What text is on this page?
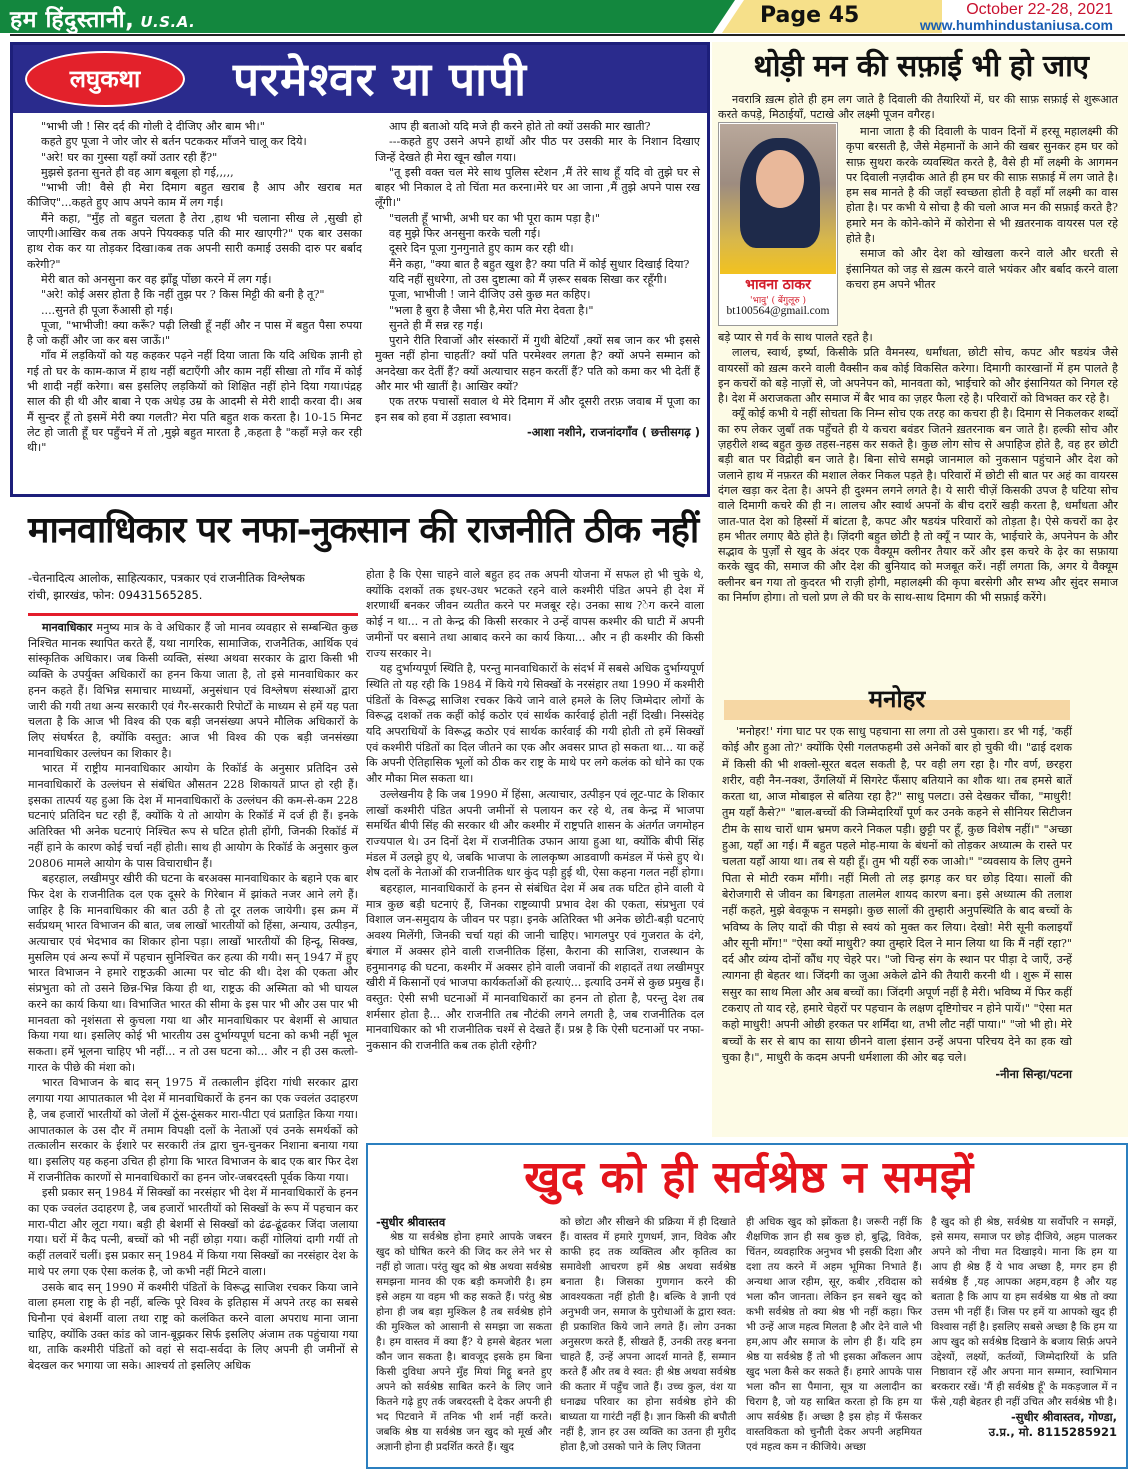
हम हिंदुस्तानी, U.S.A.	Page 45	October 22-28, 2021
www.humhindustaniusa.com
लघुकथा	परमेश्वर या पापी

"भाभी जी ! सिर दर्द की गोली दे दीजिए और बाम भी।"

कहते हुए पूजा ने जोर जोर से बर्तन पटककर माँजने चालू कर दिये।

"अरे! घर का गुस्सा यहाँ क्यों उतार रही हैं?"

मुझसे इतना सुनते ही वह आग बबूला हो गई,,,,,

"भाभी जी! वैसे ही मेरा दिमाग बहुत खराब है आप और खराब मत कीजिए"...कहते हुए आप अपने काम में लग गई।

मैंने कहा, "मुँह तो बहुत चलता है तेरा ,हाथ भी चलाना सीख ले ,सुखी हो जाएगी।आखिर कब तक अपने पियक्कड़ पति की मार खाएगी?" एक बार उसका हाथ रोक कर या तोड़कर दिखा।कब तक अपनी सारी कमाई उसकी दारु पर बर्बाद करेगी?"

मेरी बात को अनसुना कर वह झाँडू पोंछा करने में लग गई।

"अरे! कोई असर होता है कि नहीं तुझ पर ? किस मिट्टी की बनी है तू?"

....सुनते ही पूजा रुँआसी हो गई।

पूजा, "भाभीजी! क्या करूँ? पढ़ी लिखी हूँ नहीं और न पास में बहुत पैसा रुपया है जो कहीं और जा कर बस जाऊँ।"

गाँव में लड़कियों को यह कहकर पढ़ने नहीं दिया जाता कि यदि अधिक ज्ञानी हो गई तो घर के काम-काज में हाथ नहीं बटाएँगी और काम नहीं सीखा तो गाँव में कोई भी शादी नहीं करेगा। बस इसलिए लड़कियों को शिक्षित नहीं होने दिया गया।पंद्रह साल की ही थी और बाबा ने एक अधेड़ उम्र के आदमी से मेरी शादी करवा दी। अब मैं सुन्दर हूँ तो इसमें मेरी क्या गलती? मेरा पति बहुत शक करता है। 10-15 मिनट लेट हो जाती हूँ घर पहुँचने में तो ,मुझे बहुत मारता है ,कहता है "कहाँ मज़े कर रही थी।"

आप ही बताओ यदि मजे ही करने होते तो क्यों उसकी मार खाती?

---कहते हुए उसने अपने हाथों और पीठ पर उसकी मार के निशान दिखाए जिन्हें देखते ही मेरा खून खौल गया।

"तू इसी वक्त चल मेरे साथ पुलिस स्टेशन ,मैं तेरे साथ हूँ यदि वो तुझे घर से बाहर भी निकाल दे तो चिंता मत करना।मेरे घर आ जाना ,मैं तुझे अपने पास रख लूँगी।"

"चलती हूँ भाभी, अभी घर का भी पूरा काम पड़ा है।"

वह मुझे फिर अनसुना करके चली गई।

दूसरे दिन पूजा गुनगुनाते हुए काम कर रही थी।

मैंने कहा, "क्या बात है बहुत खुश है? क्या पति में कोई सुधार दिखाई दिया?

यदि नहीं सुधरेगा, तो उस दुष्टात्मा को मैं ज़रूर सबक सिखा कर रहूँगी।

पूजा, भाभीजी ! जाने दीजिए उसे कुछ मत कहिए।

"भला है बुरा है जैसा भी है,मेरा पति मेरा देवता है।"

सुनते ही मैं सन्न रह गई।

पुराने रीति रिवाजों और संस्कारों में गुथी बेटियाँ ,क्यों सब जान कर भी इससे मुक्त नहीं होना चाहतीं? क्यों पति परमेश्वर लगता है? क्यों अपने सम्मान को अनदेखा कर देतीं हैं? क्यों अत्याचार सहन करतीं हैं? पति को कमा कर भी देतीं हैं और मार भी खातीं है। आखिर क्यों?

एक तरफ पचासों सवाल थे मेरे दिमाग में और दूसरी तरफ़ जवाब में पूजा का इन सब को हवा में उड़ाता स्वभाव।

-आशा नशीने, राजनांदगाँव ( छत्तीसगढ़ )

थोड़ी मन की सफ़ाई भी हो जाए

नवरात्रि ख़त्म होते ही हम लग जाते है दिवाली की तैयारियों में, घर की साफ़ सफ़ाई से शुरूआत करते कपड़े, मिठाईयाँ, पटाखे और लक्ष्मी पूजन वगैरह।

भावना ठाकर
'भावु' ( बेंगुलूरु )
bt100564@gmail.com

माना जाता है की दिवाली के पावन दिनों में हरसू महालक्ष्मी की कृपा बरसती है, जैसे मेहमानों के आने की खबर सुनकर हम घर को साफ़ सुथरा करके व्यवस्थित करते है, वैसे ही माँ लक्ष्मी के आगमन पर दिवाली नज़दीक आते ही हम घर की साफ़ सफ़ाई में लग जाते है। हम सब मानते है की जहाँ स्वच्छता होती है वहाँ माँ लक्ष्मी का वास होता है। पर कभी ये सोचा है की चलो आज मन की सफ़ाई करते है? हमारे मन के कोने-कोने में कोरोना से भी ख़तरनाक वायरस पल रहे होते है।

समाज को और देश को खोखला करने वाले और धरती से इंसानियत को जड़ से ख़त्म करने वाले भयंकर और बर्बाद करने वाला कचरा हम अपने भीतर

बड़े प्यार से गर्व के साथ पालते रहते है।

लालच, स्वार्थ, इर्ष्या, किसीके प्रति वैमनस्य, धर्मांधता, छोटी सोच, कपट और षडयंत्र जैसे वायरसों को ख़त्म करने वाली वैक्सीन कब कोई विकसित करेगा। दिमागी कारखानों में हम पालते है इन कचरों को बड़े नाज़ों से, जो अपनेपन को, मानवता को, भाईचारे को और इंसानियत को निगल रहे है। देश में अराजकता और समाज में बैर भाव का ज़हर फैला रहे है। परिवारों को विभक्त कर रहे है।

क्यूँ कोई कभी ये नहीं सोचता कि निम्न सोच एक तरह का कचरा ही है। दिमाग से निकलकर शब्दों का रुप लेकर जुबाँ तक पहुँचते ही ये कचरा बवंडर जितने ख़तरनाक बन जाते है। हल्की सोच और ज़हरीले शब्द बहुत कुछ तहस-नहस कर सकते है। कुछ लोग सोच से अपाहिज होते है, वह हर छोटी बड़ी बात पर विद्रोही बन जाते है। बिना सोचे समझे जानमाल को नुकसान पहुंचाने और देश को जलाने हाथ में नफ़रत की मशाल लेकर निकल पड़ते है। परिवारों में छोटी सी बात पर अहं का वायरस दंगल खड़ा कर देता है। अपने ही दुश्मन लगने लगते है। ये सारी चीज़ें किसकी उपज है घटिया सोच वाले दिमागी कचरे की ही न। लालच और स्वार्थ अपनों के बीच दरारें खड़ी करता है, धर्मांधता और जात-पात देश को हिस्सों में बांटता है, कपट और षडयंत्र परिवारों को तोड़ता है। ऐसे कचरों का ढ़ेर हम भीतर लगाए बैठे होते है। ज़िंदगी बहुत छोटी है तो क्यूँ न प्यार के, भाईचारे के, अपनेपन के और सद्भाव के पुर्ज़ों से खुद के अंदर एक वैक्यूम क्लीनर तैयार करें और इस कचरे के ढ़ेर का सफ़ाया करके खुद की, समाज की और देश की बुनियाद को मजबूत करें। नहीं लगता कि, अगर ये वैक्यूम क्लीनर बन गया तो कुदरत भी राज़ी होगी, महालक्ष्मी की कृपा बरसेगी और सभ्य और सुंदर समाज का निर्माण होगा। तो चलो प्रण ले की घर के साथ-साथ दिमाग की भी सफ़ाई करेंगे।

मनोहर

'मनोहर!' गंगा घाट पर एक साधु पहचाना सा लगा तो उसे पुकारा। डर भी गई, 'कहीं कोई और हुआ तो?' क्योंकि ऐसी गलतफहमी उसे अनेकों बार हो चुकी थी। "ढाई दशक में किसी की भी शक्लो-सूरत बदल सकती है, पर वही लग रहा है। गौर वर्ण, छरहरा शरीर, वही नैन-नक्श, उँगलियों में सिगरेट फँसाए बतियाने का शौक था। तब हमसे बातें करता था, आज मोबाइल से बतिया रहा है?" साधु पलटा। उसे देखकर चौंका, "माधुरी! तुम यहाँ कैसे?" "बाल-बच्चों की जिम्मेदारियाँ पूर्ण कर उनके कहने से सीनियर सिटीजन टीम के साथ चारों धाम भ्रमण करने निकल पड़ी। छुट्टी पर हूँ, कुछ विशेष नहीं।" "अच्छा हुआ, यहाँ आ गई। मैं बहुत पहले मोह-माया के बंधनों को तोड़कर अध्यात्म के रास्ते पर चलता यहाँ आया था। तब से यही हूँ। तुम भी यहीं रुक जाओ।" "व्यवसाय के लिए तुमने पिता से मोटी रकम माँगी। नहीं मिली तो लड़ झगड़ कर घर छोड़ दिया। सालों की बेरोजगारी से जीवन का बिगड़ता तालमेल शायद कारण बना। इसे अध्यात्म की तलाश नहीं कहते, मुझे बेवकूफ न समझो। कुछ सालों की तुम्हारी अनुपस्थिति के बाद बच्चों के भविष्य के लिए यादों की पीड़ा से स्वयं को मुक्त कर लिया। देखो! मेरी सूनी कलाइयाँ और सूनी माँग!" "ऐसा क्यों माधुरी? क्या तुम्हारे दिल ने मान लिया था कि मैं नहीं रहा?" दर्द और व्यंग्य दोनों कौंध गए चेहरे पर। "जो चिन्ह संग के स्थान पर पीड़ा दे जाएँ, उन्हें त्यागना ही बेहतर था। जिंदगी का जुआ अकेले ढोने की तैयारी करनी थी । शुरू में सास ससुर का साथ मिला और अब बच्चों का। जिंदगी अपूर्ण नहीं है मेरी। भविष्य में फिर कहीं टकराए तो याद रहे, हमारे चेहरों पर पहचान के लक्षण दृष्टिगोचर न होने पायें।" "ऐसा मत कहो माधुरी! अपनी ओछी हरकत पर शर्मिंदा था, तभी लौट नहीं पाया।" "जो भी हो। मेरे बच्चों के सर से बाप का साया छीनने वाला इंसान उन्हें अपना परिचय देने का हक खो चुका है।", माधुरी के कदम अपनी धर्मशाला की ओर बढ़ चले।

-नीना सिन्हा/पटना

मानवाधिकार पर नफा-नुकसान की राजनीति ठीक नहीं
-चेतनादित्य आलोक, साहित्यकार, पत्रकार एवं राजनीतिक विश्लेषक
रांची, झारखंड, फोन: 09431565285.

मानवाधिकार मनुष्य मात्र के वे अधिकार हैं जो मानव व्यवहार से सम्बन्धित कुछ निश्चित मानक स्थापित करते हैं, यथा नागरिक, सामाजिक, राजनैतिक, आर्थिक एवं सांस्कृतिक अधिकार। जब किसी व्यक्ति, संस्था अथवा सरकार के द्वारा किसी भी व्यक्ति के उपर्युक्त अधिकारों का हनन किया जाता है, तो इसे मानवाधिकार कर हनन कहते हैं। विभिन्न समाचार माध्यमों, अनुसंधान एवं विश्लेषण संस्थाओं द्वारा जारी की गयी तथा अन्य सरकारी एवं गैर-सरकारी रिपोर्टों के माध्यम से हमें यह पता चलता है कि आज भी विश्व की एक बड़ी जनसंख्या अपने मौलिक अधिकारों के लिए संघर्षरत है, क्योंकि वस्तुत: आज भी विश्व की एक बड़ी जनसंख्या मानवाधिकार उल्लंघन का शिकार है।

भारत में राष्ट्रीय मानवाधिकार आयोग के रिकॉर्ड के अनुसार प्रतिदिन उसे मानवाधिकारों के उल्लंघन से संबंधित औसतन 228 शिकायतें प्राप्त हो रही हैं। इसका तात्पर्य यह हुआ कि देश में मानवाधिकारों के उल्लंघन की कम-से-कम 228 घटनाएं प्रतिदिन घट रही हैं, क्योंकि ये तो आयोग के रिकॉर्ड में दर्ज ही हैं। इनके अतिरिक्त भी अनेक घटनाएं निश्चित रूप से घटित होती होंगी, जिनकी रिकॉर्ड में नहीं हाने के कारण कोई चर्चा नहीं होती। साथ ही आयोग के रिकॉर्ड के अनुसार कुल 20806 मामले आयोग के पास विचाराधीन हैं।

बहरहाल, लखीमपुर खीरी की घटना के बरअक्स मानवाधिकार के बहाने एक बार फिर देश के राजनीतिक दल एक दूसरे के गिरेबान में झांकते नजर आने लगे हैं। जाहिर है कि मानवाधिकार की बात उठी है तो दूर तलक जायेगी। इस क्रम में सर्वप्रथम् भारत विभाजन की बात, जब लाखों भारतीयों को हिंसा, अन्याय, उत्पीड़न, अत्याचार एवं भेदभाव का शिकार होना पड़ा। लाखों भारतीयों की हिन्दू, सिक्ख, मुसलिम एवं अन्य रूपों में पहचान सुनिश्चित कर हत्या की गयी। सन् 1947 में हुए भारत विभाजन ने हमारे राष्ट्रऊकी आत्मा पर चोट की थी। देश की एकता और संप्रभुता को तो उसने छिन्न-भिन्न किया ही था, राष्ट्रऊ की अस्मिता को भी घायल करने का कार्य किया था। विभाजित भारत की सीमा के इस पार भी और उस पार भी मानवता को नृशंसता से कुचला गया था और मानवाधिकार पर बेशर्मी से आघात किया गया था। इसलिए कोई भी भारतीय उस दुर्भाग्यपूर्ण घटना को कभी नहीं भूल सकता। हमें भूलना चाहिए भी नहीं... न तो उस घटना को... और न ही उस कत्लो-गारत के पीछे की मंशा को।

भारत विभाजन के बाद सन् 1975 में तत्कालीन इंदिरा गांधी सरकार द्वारा लगाया गया आपातकाल भी देश में मानवाधिकारों के हनन का एक ज्वलंत उदाहरण है, जब हजारों भारतीयों को जेलों में ठूंस-ठूंसकर मारा-पीटा एवं प्रताड़ित किया गया। आपातकाल के उस दौर में तमाम विपक्षी दलों के नेताओं एवं उनके समर्थकों को तत्कालीन सरकार के ईशारे पर सरकारी तंत्र द्वारा चुन-चुनकर निशाना बनाया गया था। इसलिए यह कहना उचित ही होगा कि भारत विभाजन के बाद एक बार फिर देश में राजनीतिक कारणों से मानवाधिकारों का हनन जोर-जबरदस्ती पूर्वक किया गया।

इसी प्रकार सन् 1984 में सिक्खों का नरसंहार भी देश में मानवाधिकारों के हनन का एक ज्वलंत उदाहरण है, जब हजारों भारतीयों को सिक्खों के रूप में पहचान कर मारा-पीटा और लूटा गया। बड़ी ही बेशर्मी से सिक्खों को ढंढ-ढूंढकर जिंदा जलाया गया। घरों में कैद पत्नी, बच्चों को भी नहीं छोड़ा गया। कहीं गोलियां दागी गयीं तो कहीं तलवारें चलीं। इस प्रकार सन् 1984 में किया गया सिक्खों का नरसंहार देश के माथे पर लगा एक ऐसा कलंक है, जो कभी नहीं मिटने वाला।

उसके बाद सन् 1990 में कश्मीरी पंडितों के विरूद्ध साजिश रचकर किया जाने वाला हमला राष्ट्र के ही नहीं, बल्कि पूरे विश्व के इतिहास में अपने तरह का सबसे घिनौना एवं बेशर्मी वाला तथा राष्ट्र को कलंकित करने वाला अपराध माना जाना चाहिए, क्योंकि उक्त कांड को जान-बूझकर सिर्फ इसलिए अंजाम तक पहुंचाया गया था, ताकि कश्मीरी पंडितों को वहां से सदा-सर्वदा के लिए अपनी ही जमीनों से बेदखल कर भगाया जा सके। आश्चर्य तो इसलिए अधिक

होता है कि ऐसा चाहने वाले बहुत हद तक अपनी योजना में सफल हो भी चुके थे, क्योंकि दशकों तक इधर-उधर भटकते रहने वाले कश्मीरी पंडित अपने ही देश में शरणार्थी बनकर जीवन व्यतीत करने पर मजबूर रहे। उनका साथ ?ेग करने वाला कोई न था... न तो केन्द्र की किसी सरकार ने उन्हें वापस कश्मीर की घाटी में अपनी जमीनों पर बसाने तथा आबाद करने का कार्य किया... और न ही कश्मीर की किसी राज्य सरकार ने।

यह दुर्भाग्यपूर्ण स्थिति है, परन्तु मानवाधिकारों के संदर्भ में सबसे अधिक दुर्भाग्यपूर्ण स्थिति तो यह रही कि 1984 में किये गये सिक्खों के नरसंहार तथा 1990 में कश्मीरी पंडितों के विरूद्ध साजिश रचकर किये जाने वाले हमले के लिए जिम्मेदार लोगों के विरूद्ध दशकों तक कहीं कोई कठोर एवं सार्थक कार्रवाई होती नहीं दिखी। निस्संदेह यदि अपराधियों के विरूद्ध कठोर एवं सार्थक कार्रवाई की गयी होती तो हमें सिक्खों एवं कश्मीरी पंडितों का दिल जीतने का एक और अवसर प्राप्त हो सकता था... या कहें कि अपनी ऐतिहासिक भूलों को ठीक कर राष्ट्र के माथे पर लगे कलंक को धोने का एक और मौका मिल सकता था।

उल्लेखनीय है कि जब 1990 में हिंसा, अत्याचार, उत्पीड़न एवं लूट-पाट के शिकार लाखों कश्मीरी पंडित अपनी जमीनों से पलायन कर रहे थे, तब केन्द्र में भाजपा समर्थित बीपी सिंह की सरकार थी और कश्मीर में राष्ट्रपति शासन के अंतर्गत जगमोहन राज्यपाल थे। उन दिनों देश में राजनीतिक उफान आया हुआ था, क्योंकि बीपी सिंह मंडल में उलझे हुए थे, जबकि भाजपा के लालकृष्ण आडवाणी कमंडल में फंसे हुए थे। शेष दलों के नेताओं की राजनीतिक धार कुंद पड़ी हुई थी, ऐसा कहना गलत नहीं होगा।

बहरहाल, मानवाधिकारों के हनन से संबंधित देश में अब तक घटित होने वाली ये मात्र कुछ बड़ी घटनाएं हैं, जिनका राष्ट्रव्यापी प्रभाव देश की एकता, संप्रभुता एवं विशाल जन-समुदाय के जीवन पर पड़ा। इनके अतिरिक्त भी अनेक छोटी-बड़ी घटनाएं अवश्य मिलेंगी, जिनकी चर्चा यहां की जानी चाहिए। भागलपुर एवं गुजरात के दंगे, बंगाल में अक्सर होने वाली राजनीतिक हिंसा, कैराना की साजिश, राजस्थान के हनुमानगढ़ की घटना, कश्मीर में अक्सर होने वाली जवानों की शहादतें तथा लखीमपुर खीरी में किसानों एवं भाजपा कार्यकर्ताओं की हत्याएं... इत्यादि उनमें से कुछ प्रमुख हैं। वस्तुत: ऐसी सभी घटनाओं में मानवाधिकारों का हनन तो होता है, परन्तु देश तब शर्मसार होता है... और राजनीति तब नौटंकी लगने लगती है, जब राजनीतिक दल मानवाधिकार को भी राजनीतिक चश्में से देखते हैं। प्रश्न है कि ऐसी घटनाओं पर नफा-नुकसान की राजनीति कब तक होती रहेगी?

खुद को ही सर्वश्रेष्ठ न समझें
-सुधीर श्रीवास्तव

श्रेष्ठ या सर्वश्रेष्ठ होना हमारे आपके जबरन खुद को घोषित करने की जिद कर लेने भर से नहीं हो जाता। परंतु खुद को श्रेष्ठ अथवा सर्वश्रेष्ठ समझना मानव की एक बड़ी कमजोरी है। हम इसे अहम या वहम भी कह सकते हैं। परंतु श्रेष्ठ होना ही जब बड़ा मुश्किल है तब सर्वश्रेष्ठ होने की मुश्किल को आसानी से समझा जा सकता है। हम वास्तव में क्या हैं? ये हमसे बेहतर भला कौन जान सकता है। बावजूद इसके हम बिना किसी दुविधा अपने मुँह मियां मिट्ठू बनते हुए अपने को सर्वश्रेष्ठ साबित करने के लिए जाने कितने गढ़े हुए तर्क जबरदस्ती दे देकर अपनी ही भद पिटवाने में तनिक भी शर्म नहीं करते। जबकि श्रेष्ठ या सर्वश्रेष्ठ जन खुद को मूर्ख और अज्ञानी होना ही प्रदर्शित करते हैं। खुद

को छोटा और सीखने की प्रक्रिया में ही दिखाते हैं। वास्तव में हमारे गुणधर्म, ज्ञान, विवेक और काफी हद तक व्यक्तित्व और कृतित्व का समावेशी आचरण हमें श्रेष्ठ अथवा सर्वश्रेष्ठ बनाता है। जिसका गुणगान करने की आवश्यकता नहीं होती है। बल्कि वे ज्ञानी एवं अनुभवी जन, समाज के पुरोधाओं के द्वारा स्वत: ही प्रकाशित किये जाने लगते हैं। लोग उनका अनुसरण करते हैं, सीखते हैं, उनकी तरह बनना चाहते हैं, उन्हें अपना आदर्श मानते हैं, सम्मान करते हैं और तब वे स्वत: ही श्रेष्ठ अथवा सर्वश्रेष्ठ की कतार में पहुँच जाते हैं। उच्च कुल, वंश या धनाढ्य परिवार का होना सर्वश्रेष्ठ होने की बाध्यता या गारंटी नहीं है। ज्ञान किसी की बपौती नहीं है, ज्ञान हर उस व्यक्ति का उतना ही मुरीद होता है,जो उसको पाने के लिए जितना

ही अधिक खुद को झोंकता है। जरूरी नहीं कि शैक्षणिक ज्ञान ही सब कुछ हो, बुद्धि, विवेक, चिंतन, व्यवहारिक अनुभव भी इसकी दिशा और दशा तय करने में अहम भूमिका निभाते हैं। अन्यथा आज रहीम, सूर, कबीर ,रविदास को भला कौन जानता। लेकिन इन सबने खुद को कभी सर्वश्रेष्ठ तो क्या श्रेष्ठ भी नहीं कहा। फिर भी उन्हें आज महत्व मिलता है और देने वाले भी हम,आप और समाज के लोग ही हैं। यदि हम श्रेष्ठ या सर्वश्रेष्ठ हैं तो भी इसका आँकलन आप खुद भला कैसे कर सकते हैं। हमारे आपके पास भला कौन सा पैमाना, सूत्र या अलादीन का चिराग है, जो यह साबित करता हो कि हम या आप सर्वश्रेष्ठ हैं। अच्छा है इस होड़ में फँसकर वास्तविकता को चुनौती देकर अपनी अहमियत एवं महत्व कम न कीजिये। अच्छा

है खुद को ही श्रेष्ठ, सर्वश्रेष्ठ या सर्वोपरि न समझें, इसे समय, समाज पर छोड़ दीजिये, अहम पालकर अपने को नीचा मत दिखाइये। माना कि हम या आप ही श्रेष्ठ हैं ये भाव अच्छा है, मगर हम ही सर्वश्रेष्ठ हैं ,यह आपका अहम,वहम है और यह बताता है कि आप या हम सर्वश्रेष्ठ या श्रेष्ठ तो क्या उत्तम भी नहीं हैं। जिस पर हमें या आपको खुद ही विश्वास नहीं है। इसलिए सबसे अच्छा है कि हम या आप खुद को सर्वश्रेष्ठ दिखाने के बजाय सिर्फ़ अपने उद्देश्यों, लक्ष्यों, कर्तव्यों, जिम्मेदारियों के प्रति निष्ठावान रहें और अपना मान सम्मान, स्वाभिमान बरकरार रखें। 'मैं ही सर्वश्रेष्ठ हूँ' के मकड़जाल में न फँसे ,यही बेहतर ही नहीं उचित और सर्वश्रेष्ठ भी है।

-सुधीर श्रीवास्तव, गोण्डा,

उ.प्र., मो. 8115285921
